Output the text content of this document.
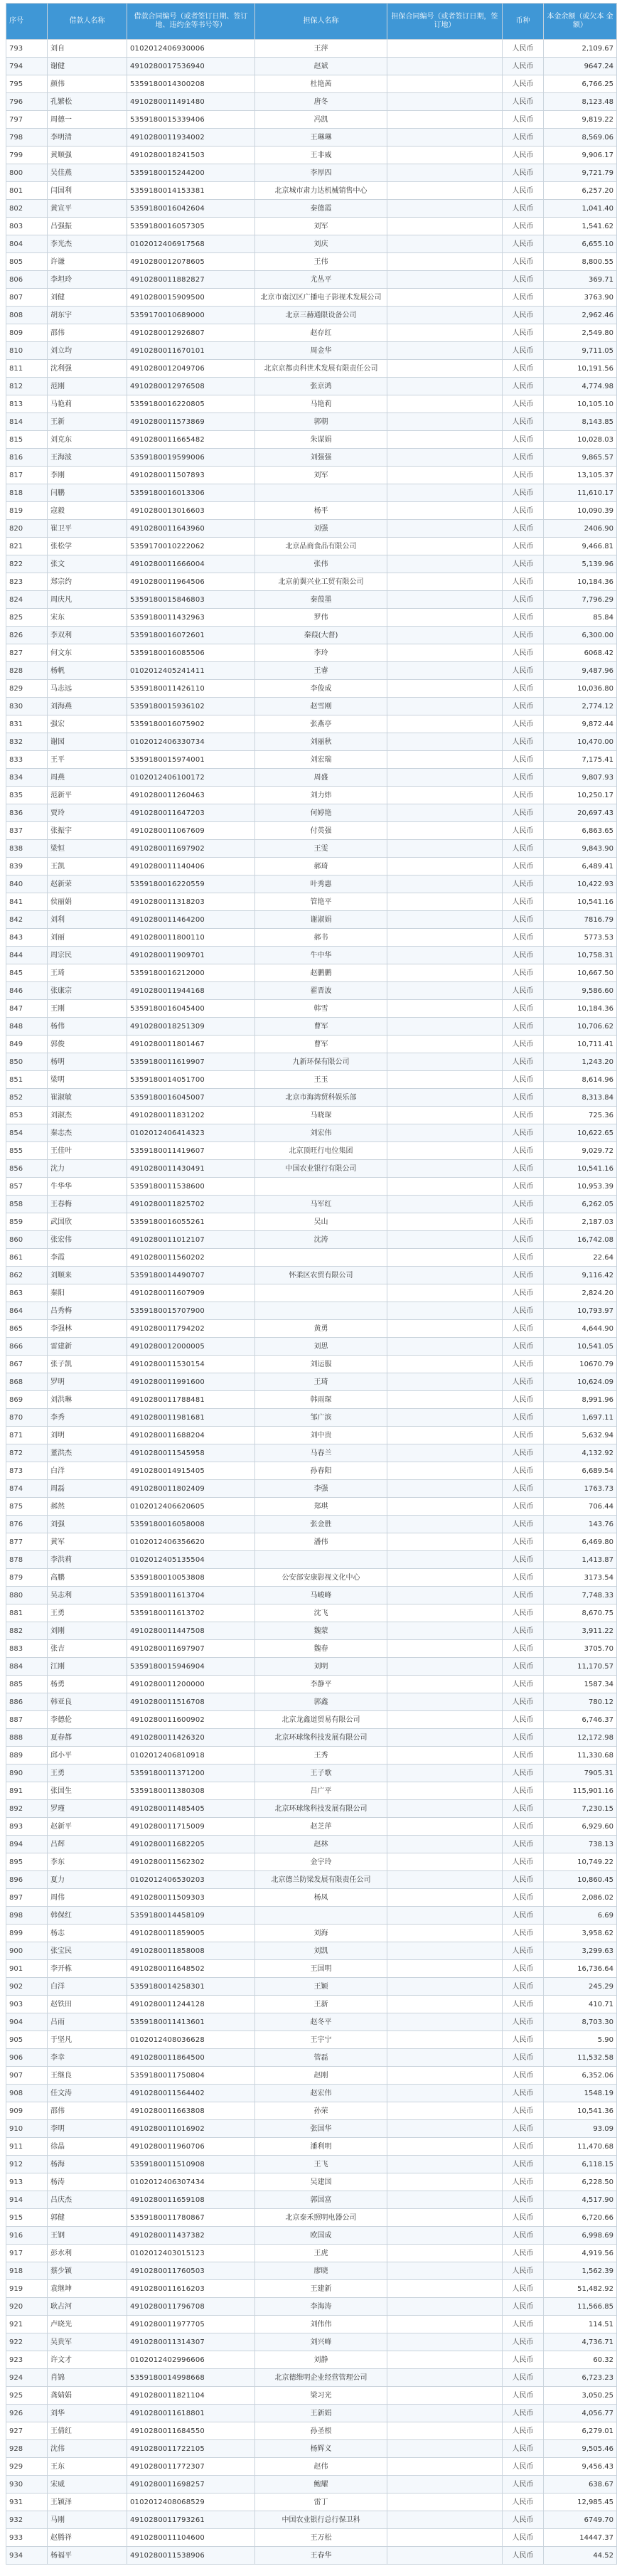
序号	借款人名称	借款合同编号（或者签订日期、签订地、违约金等书号等）	担保人名称	担保合同编号（或者签订日期，签订地）	币种	本金余额（或欠本 金额）
793	刘自	0102012406930006	王萍		人民币	2,109.67
794	谢健	4910280017536940	赵斌		人民币	9647.24
795	颜伟	5359180014300208	杜艳茜		人民币	6,766.25
796	孔繁松	4910280011491480	唐冬		人民币	8,123.48
797	周德一	5359180015339406	冯凯		人民币	9,819.22
798	李明清	4910280011934002	王琳琳		人民币	8,569.06
799	黄顺强	4910280018241503	王非威		人民币	9,906.17
800	吴佳燕	5359180015244200	李厚四		人民币	9,721.79
801	闫国利	5359180014153381	北京城市肃力达机械销售中心		人民币	6,257.20
802	黄宣平	5359180016042604	秦德霞		人民币	1,041.40
803	吕强振	5359180016057305	刘军		人民币	1,541.62
804	李光杰	0102012406917568	刘庆		人民币	6,655.10
805	许谦	4910280012078605	王伟		人民币	8,800.55
806	李坦玲	4910280011882827	尤丛平		人民币	369.71
807	刘健	4910280015909500	北京市南汉区广播电子影视术发展公司		人民币	3763.90
808	胡东宇	5359170010689000	北京三赫通限设备公司		人民币	2,962.46
809	邵伟	4910280012926807	赵存红		人民币	2,549.80
810	刘立均	4910280011670101	周金华		人民币	9,711.05
811	沈利强	4910280012049706	北京京都贞科世术发展有限责任公司		人民币	10,191.56
812	范刚	4910280012976508	张京鸿		人民币	4,774.98
813	马艳莉	5359180016220805	马艳莉		人民币	10,105.10
814	王新	4910280011573869	郭朝		人民币	8,143.85
815	刘克东	4910280011665482	朱谋娟		人民币	10,028.03
816	王海波	5359180019599006	刘强强		人民币	9,865.57
817	李刚	4910280011507893	刘军		人民币	13,105.37
818	闫鹏	5359180016013306			人民币	11,610.17
819	寇毅	4910280013016603	杨平		人民币	10,090.39
820	崔卫平	4910280011643960	刘强		人民币	2406.90
821	张松学	5359170010222062	北京品商食品有限公司		人民币	9,466.81
822	张文	4910280011666004	张伟		人民币	5,139.96
823	郑宗约	4910280011964506	北京前翼兴业工贸有限公司		人民币	10,184.36
824	周庆凡	5359180015846803	秦葭墨		人民币	7,796.29
825	宋东	5359180011432963	罗伟		人民币	85.84
826	李双利	5359180016072601	秦葭(大督)		人民币	6,300.00
827	何文东	5359180016085506	李玲		人民币	6068.42
828	杨帆	0102012405241411	王睿		人民币	9,487.96
829	马志远	5359180011426110	李俊成		人民币	10,036.80
830	刘海燕	5359180015936102	赵雪刚		人民币	2,774.12
831	强宏	5359180016075902	张燕亭		人民币	9,872.44
832	谢园	0102012406330734	刘丽秋		人民币	10,470.00
833	王平	5359180015974001	刘宏瑞		人民币	7,175.41
834	周燕	0102012406100172	周盛		人民币	9,807.93
835	范新平	4910280011260463	刘力炜		人民币	10,250.17
836	贾玲	4910280011647203	何婷艳		人民币	20,697.43
837	张振宇	4910280011067609	付英强		人民币	6,863.65
838	梁恒	4910280011697902	王雯		人民币	9,843.90
839	王凯	4910280011140406	郝琦		人民币	6,489.41
840	赵新荣	5359180016220559	叶秀惠		人民币	10,422.93
841	侯丽娟	4910280011318203	管艳平		人民币	10,541.16
842	刘利	4910280011464200	谢淑娟		人民币	7816.79
843	刘丽	4910280011800110	郝书		人民币	5773.53
844	周宗民	4910280011909701	牛中华		人民币	10,758.31
845	王琦	5359180016212000	赵鹏鹏		人民币	10,667.50
846	张康宗	4910280011944168	翟晋波		人民币	9,586.60
847	王刚	5359180016045400	韩雪		人民币	10,184.36
848	杨伟	4910280018251309	曹军		人民币	10,706.62
849	郭俊	4910280011801467	曹军		人民币	10,711.41
850	杨明	5359180011619907	九新环保有限公司		人民币	1,243.20
851	梁明	5359180014051700	王玉		人民币	8,614.96
852	崔淑敏	5359180016045007	北京市海湾贸科娱乐部		人民币	8,313.84
853	刘淑杰	4910280011831202	马晓琛		人民币	725.36
854	秦志杰	0102012406414323	刘宏伟		人民币	10,622.65
855	王佳叶	5359180011419607	北京顶旺行电位集团		人民币	9,029.72
856	沈力	4910280011430491	中国农业银行有限公司		人民币	10,541.16
857	牛华华	5359180011538600			人民币	10,953.39
858	王春梅	4910280011825702	马军红		人民币	6,262.05
859	武国欣	5359180016055261	吴山		人民币	2,187.03
860	张宏伟	4910280011012107	沈涛		人民币	16,742.08
861	李霞	4910280011560202			人民币	22.64
862	刘顺来	5359180014490707	怀柔区农贸有限公司		人民币	9,116.42
863	秦阳	4910280011607909			人民币	2,824.20
864	吕秀梅	5359180015707900			人民币	10,793.97
865	李强林	4910280011794202	黄勇		人民币	4,644.90
866	雷建新	4910280012000005	刘思		人民币	10,541.05
867	张子凯	4910280011530154	刘运服		人民币	10670.79
868	罗明	4910280011991600	王琦		人民币	10,624.09
869	刘洪琳	4910280011788481	韩雨琛		人民币	8,991.96
870	李秀	4910280011981681	邹广滨		人民币	1,697.11
871	刘明	4910280011688204	刘中贵		人民币	5,632.94
872	董洪杰	4910280011545958	马春兰		人民币	4,132.92
873	白洋	4910280014915405	孙春阳		人民币	6,689.54
874	周磊	4910280011802409	李强		人民币	1763.73
875	郝然	0102012406620605	郑琪		人民币	706.44
876	刘强	5359180016058008	张金胜		人民币	143.76
877	黄军	0102012406356620	潘伟		人民币	6,469.80
878	李洪莉	0102012405135504			人民币	1,413.87
879	高鹏	5359180010053808	公安部安康影视文化中心		人民币	3173.54
880	吴志利	5359180011613704	马峻峰		人民币	7,748.33
881	王勇	5359180011613702	沈飞		人民币	8,670.75
882	刘刚	4910280011447508	魏蒙		人民币	3,911.22
883	张吉	4910280011697907	魏春		人民币	3705.70
884	江刚	5359180015946904	刘明		人民币	11,170.57
885	杨勇	4910280011200000	李静平		人民币	1587.34
886	韩亚良	4910280011516708	郭鑫		人民币	780.12
887	李德伦	4910280011600902	北京龙鑫道贸易有限公司		人民币	6,746.37
888	夏春都	4910280011426320	北京环球缘科技发展有限公司		人民币	12,172.98
889	邱小平	0102012406810918	王秀		人民币	11,330.68
890	王勇	5359180011371200	王子歌		人民币	7905.31
891	张国生	5359180011380308	吕广平		人民币	115,901.16
892	罗瑾	4910280011485405	北京环球缘科技发展有限公司		人民币	7,230.15
893	赵新平	4910280011715009	赵芝萍		人民币	6,929.60
894	吕辉	4910280011682205	赵林		人民币	738.13
895	李东	4910280011562302	金宇玲		人民币	10,749.22
896	夏力	0102012406530203	北京德兰防梁发展有限责任公司		人民币	10,860.45
897	周伟	4910280011509303	杨凤		人民币	2,086.02
898	韩保红	5359180014458109			人民币	6.69
899	杨志	4910280011859005	刘海		人民币	3,958.62
900	张宝民	4910280011858008	刘凯		人民币	3,299.63
901	李开栋	4910280011648502	王国明		人民币	16,736.64
902	白洋	5359180014258301	王颖		人民币	245.29
903	赵铁田	4910280011244128	王新		人民币	410.71
904	吕雨	5359180011413601	赵冬平		人民币	8,703.30
905	于坚凡	0102012408036628	王宇宁		人民币	5.90
906	李幸	4910280011864500	管磊		人民币	11,532.58
907	王继良	5359180011750804	赵刚		人民币	6,352.06
908	任文涛	4910280011564402	赵宏伟		人民币	1548.19
909	邵伟	4910280011663808	孙荣		人民币	10,541.36
910	李明	4910280011016902	张国华		人民币	93.09
911	徐晶	4910280011960706	潘利明		人民币	11,470.68
912	杨海	5359180011510908	王飞		人民币	6,118.15
913	杨涛	0102012406307434	吴建国		人民币	6,228.50
914	吕庆杰	4910280011659108	郭国富		人民币	4,517.90
915	郭健	5359180011780867	北京泰禾照明电器公司		人民币	6,720.66
916	王钢	4910280011437382	欧国成		人民币	6,998.69
917	彭水利	0102012403015123	王虎		人民币	4,919.56
918	蔡少颖	4910280011760503	廖晓		人民币	1,562.39
919	袁继坤	4910280011616203	王建新		人民币	51,482.92
920	耿占河	4910280011796708	李海涛		人民币	11,566.85
921	卢晓光	4910280011977705	刘伟伟		人民币	114.51
922	吴贵军	4910280011314307	刘兴峰		人民币	4,736.71
923	许文才	0102012402996606	刘静		人民币	60.32
924	肖锦	5359180014998668	北京德维明企业经营管理公司		人民币	6,723.23
925	龚婧娟	4910280011821104	梁习光		人民币	3,050.25
926	刘华	4910280011618801	王新娟		人民币	4,056.77
927	王倩红	4910280011684550	孙圣根		人民币	6,279.01
928	沈伟	4910280011722105	杨辉义		人民币	9,505.46
929	王东	4910280011772307	赵伟		人民币	9,456.43
930	宋威	4910280011698257	鲍耀		人民币	638.67
931	王颖泽	0102012408068529	雷丁		人民币	12,985.45
932	马刚	4910280011793261	中国农业银行总行保卫科		人民币	6749.70
933	赵腾祥	4910280011104600	王万松		人民币	14447.37
934	杨福平	4910280011538906	王春华		人民币	44.52
